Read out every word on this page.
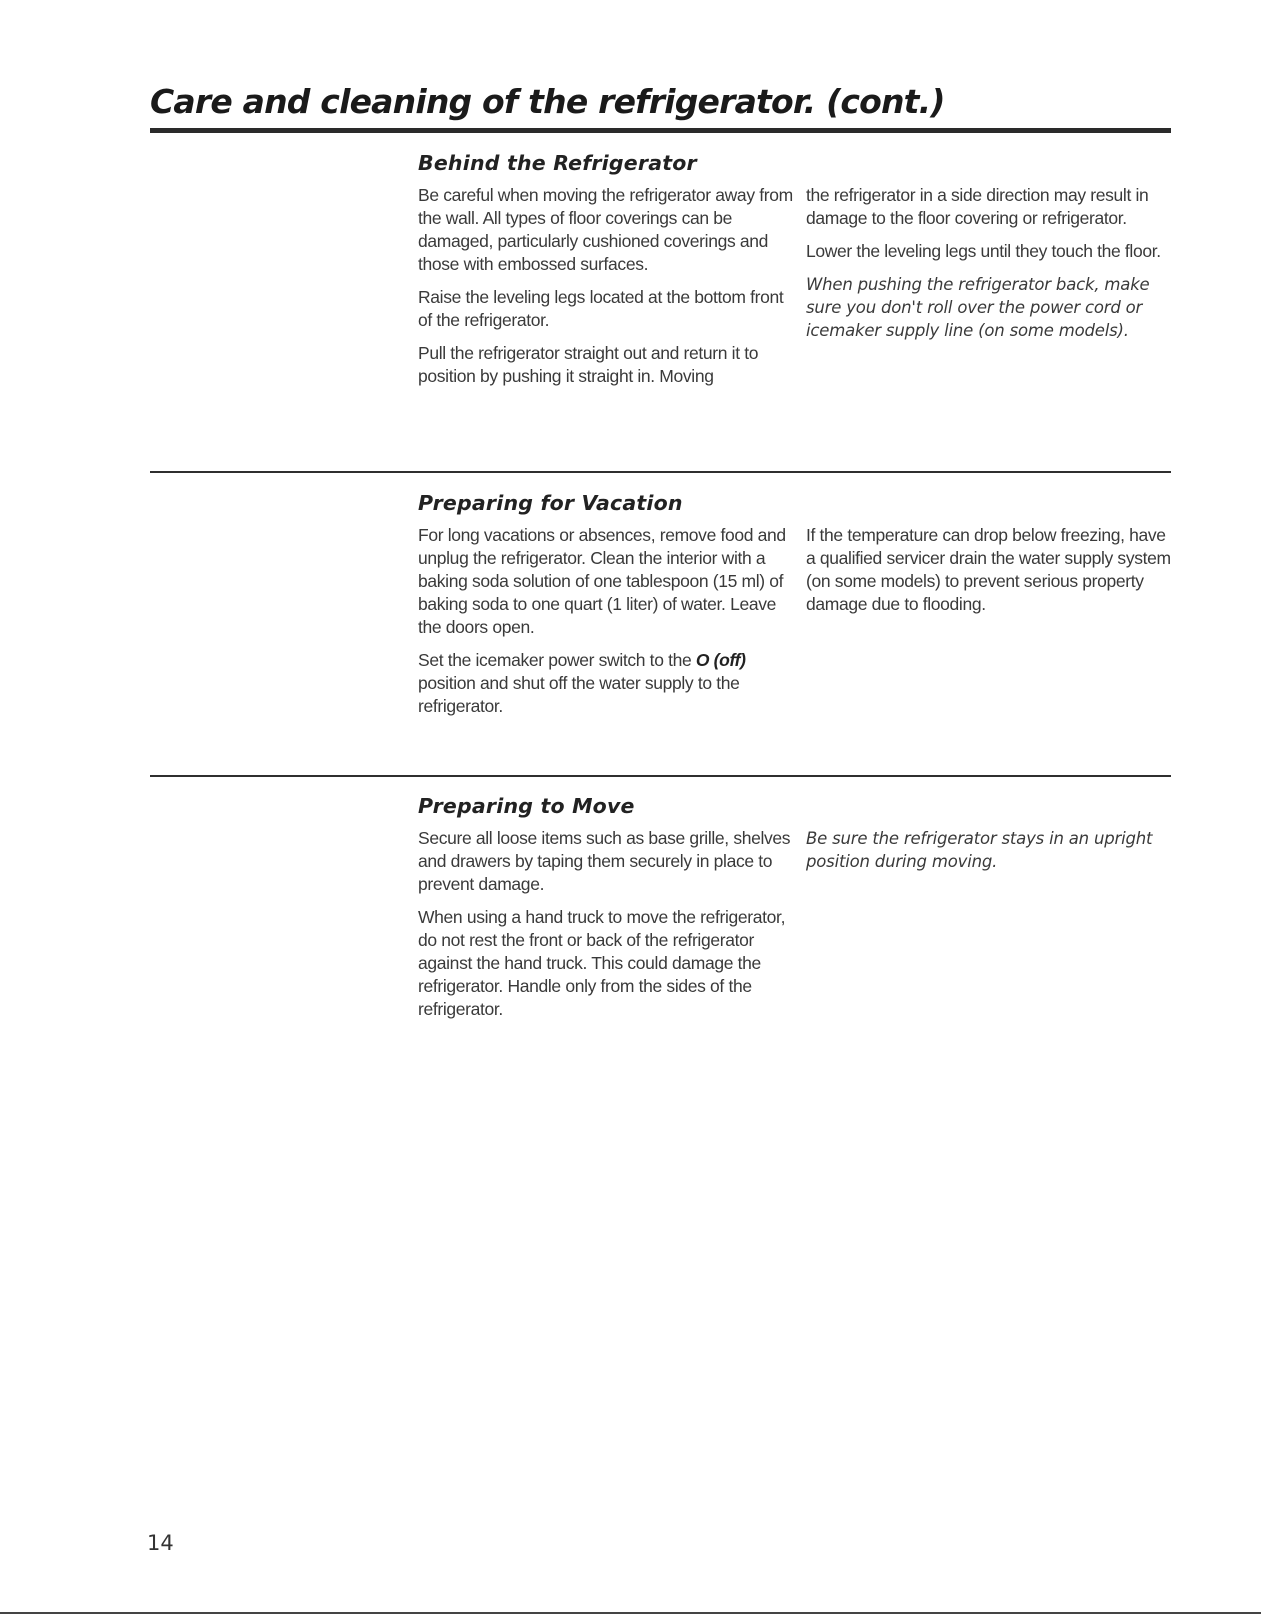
Care and cleaning of the refrigerator. (cont.)
Behind the Refrigerator

Be careful when moving the refrigerator away from the wall. All types of floor coverings can be damaged, particularly cushioned coverings and those with embossed surfaces.

Raise the leveling legs located at the bottom front of the refrigerator.

Pull the refrigerator straight out and return it to position by pushing it straight in. Moving

the refrigerator in a side direction may result in damage to the floor covering or refrigerator.

Lower the leveling legs until they touch the floor.

When pushing the refrigerator back, make sure you don't roll over the power cord or icemaker supply line (on some models).

Preparing for Vacation

For long vacations or absences, remove food and unplug the refrigerator. Clean the interior with a baking soda solution of one tablespoon (15 ml) of baking soda to one quart (1 liter) of water. Leave the doors open.

Set the icemaker power switch to the O (off) position and shut off the water supply to the refrigerator.

If the temperature can drop below freezing, have a qualified servicer drain the water supply system (on some models) to prevent serious property damage due to flooding.

Preparing to Move

Secure all loose items such as base grille, shelves and drawers by taping them securely in place to prevent damage.

When using a hand truck to move the refrigerator, do not rest the front or back of the refrigerator against the hand truck. This could damage the refrigerator. Handle only from the sides of the refrigerator.

Be sure the refrigerator stays in an upright position during moving.

14
